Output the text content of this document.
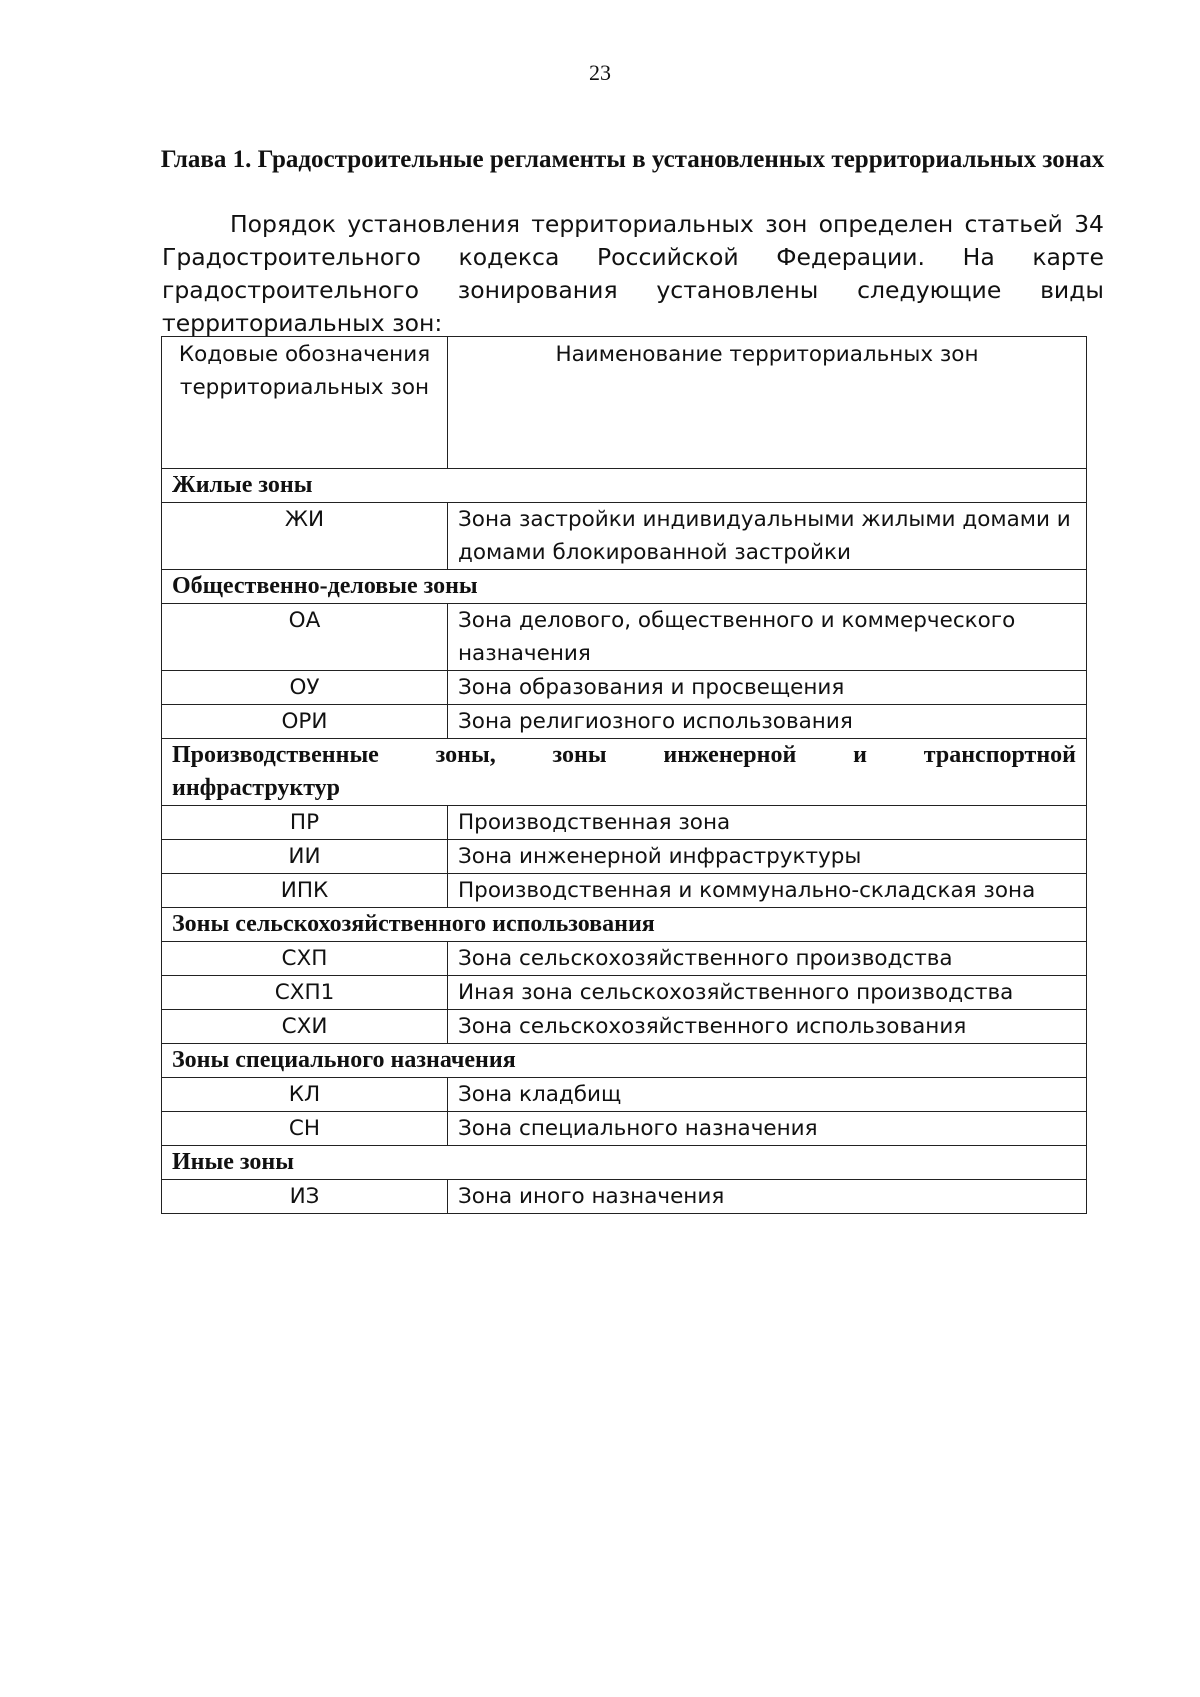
23
Глава 1. Градостроительные регламенты в установленных территориальных зонах

Порядок установления территориальных зон определен статьей 34 Градостроительного кодекса Российской Федерации. На карте градостроительного зонирования установлены следующие виды территориальных зон:

Кодовые обозначения территориальных зон	Наименование территориальных зон
Жилые зоны	
ЖИ	Зона застройки индивидуальными жилыми домами и домами блокированной застройки
Общественно-деловые зоны	
ОА	Зона делового, общественного и коммерческого назначения
ОУ	Зона образования и просвещения
ОРИ	Зона религиозного использования
Производственные зоны, зоны инженерной и транспортной инфраструктур	
ПР	Производственная зона
ИИ	Зона инженерной инфраструктуры
ИПК	Производственная и коммунально-складская зона
Зоны сельскохозяйственного использования	
СХП	Зона сельскохозяйственного производства
СХП1	Иная зона сельскохозяйственного производства
СХИ	Зона сельскохозяйственного использования
Зоны специального назначения	
КЛ	Зона кладбищ
СН	Зона специального назначения
Иные зоны	
ИЗ	Зона иного назначения
